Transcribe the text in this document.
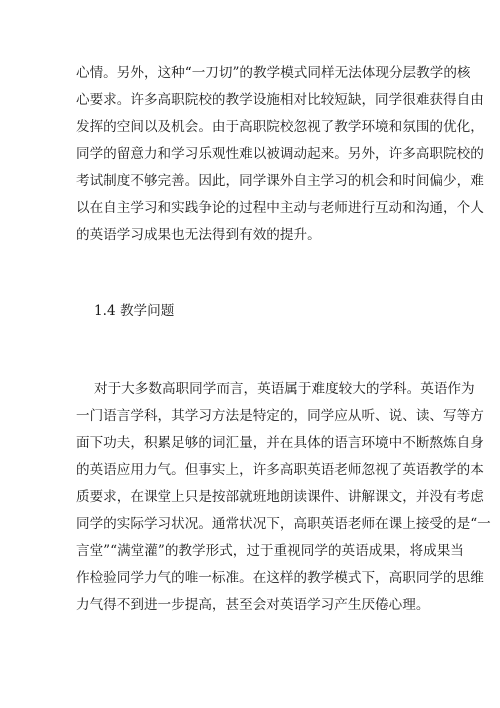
心情。另外，这种“一刀切”的教学模式同样无法体现分层教学的核
心要求。许多高职院校的教学设施相对比较短缺，同学很难获得自由
发挥的空间以及机会。由于高职院校忽视了教学环境和氛围的优化，
同学的留意力和学习乐观性难以被调动起来。另外，许多高职院校的
考试制度不够完善。因此，同学课外自主学习的机会和时间偏少，难
以在自主学习和实践争论的过程中主动与老师进行互动和沟通，个人
的英语学习成果也无法得到有效的提升。
1.4 教学问题
对于大多数高职同学而言，英语属于难度较大的学科。英语作为
一门语言学科，其学习方法是特定的，同学应从听、说、读、写等方
面下功夫，积累足够的词汇量，并在具体的语言环境中不断熬炼自身
的英语应用力气。但事实上，许多高职英语老师忽视了英语教学的本
质要求，在课堂上只是按部就班地朗读课件、讲解课文，并没有考虑
同学的实际学习状况。通常状况下，高职英语老师在课上接受的是“一
言堂”“满堂灌”的教学形式，过于重视同学的英语成果，将成果当
作检验同学力气的唯一标准。在这样的教学模式下，高职同学的思维
力气得不到进一步提高，甚至会对英语学习产生厌倦心理。
